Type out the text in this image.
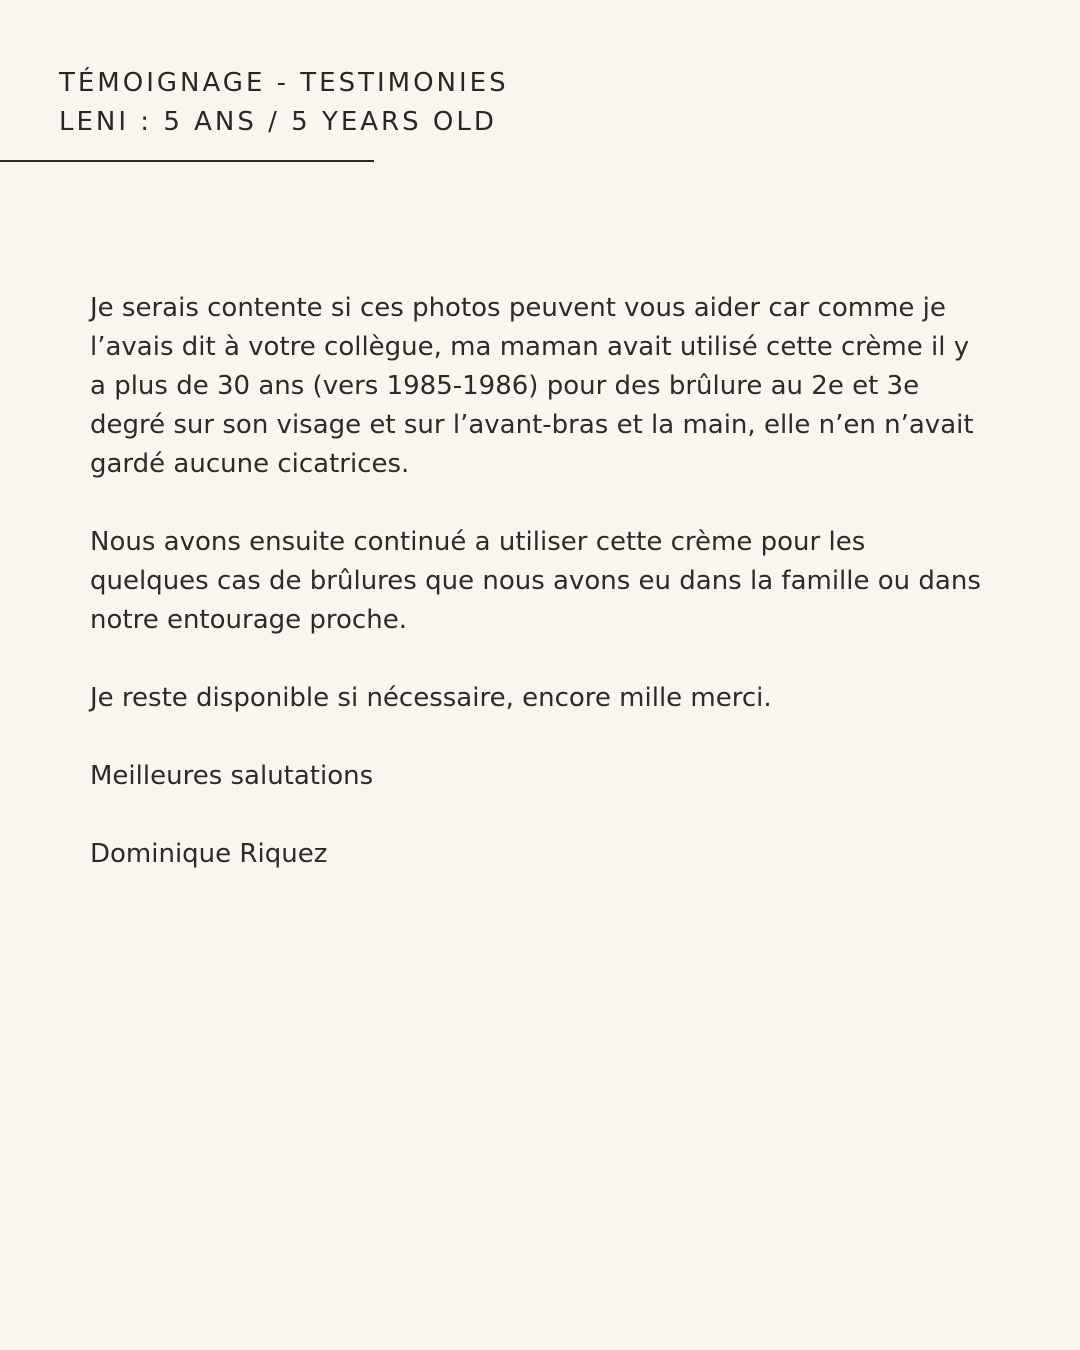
TÉMOIGNAGE - TESTIMONIES
LENI : 5 ANS / 5 YEARS OLD

Je serais contente si ces photos peuvent vous aider car comme je l’avais dit à votre collègue, ma maman avait utilisé cette crème il y a plus de 30 ans (vers 1985-1986) pour des brûlure au 2e et 3e degré sur son visage et sur l’avant-bras et la main, elle n’en n’avait gardé aucune cicatrices.

Nous avons ensuite continué a utiliser cette crème pour les quelques cas de brûlures que nous avons eu dans la famille ou dans notre entourage proche.

Je reste disponible si nécessaire, encore mille merci.

Meilleures salutations

Dominique Riquez
